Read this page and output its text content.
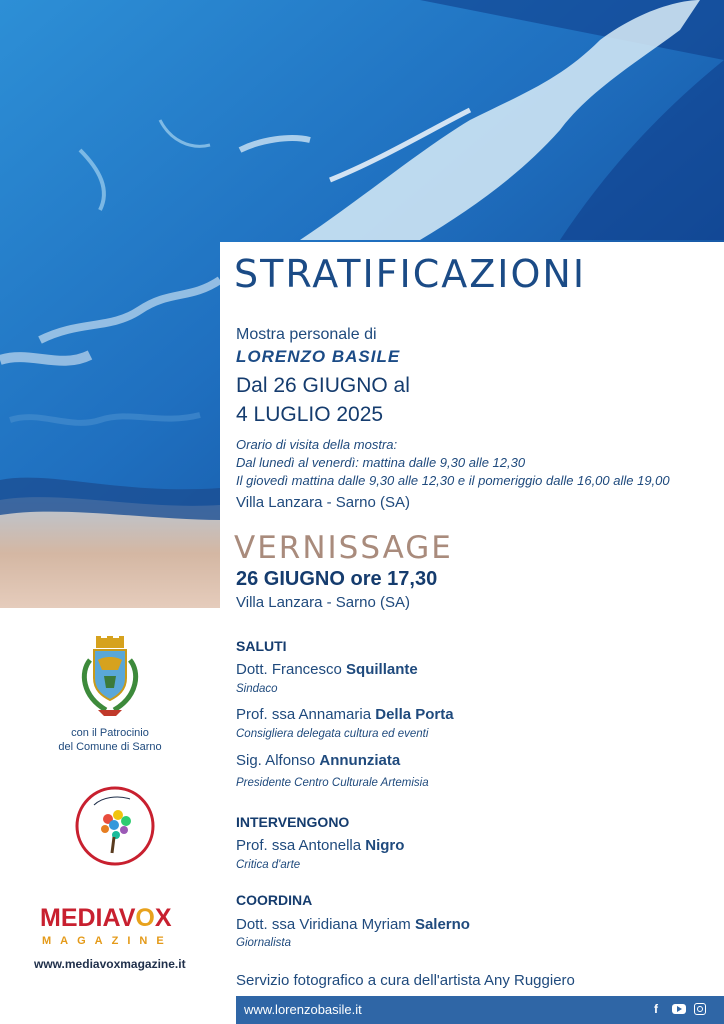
STRATIFICAZIONI
Mostra personale di
LORENZO BASILE
Dal 26 GIUGNO al
4 LUGLIO 2025
Orario di visita della mostra:
Dal lunedì al venerdì: mattina dalle 9,30 alle 12,30
Il giovedì mattina dalle 9,30 alle 12,30 e il pomeriggio dalle 16,00 alle 19,00
Villa Lanzara - Sarno (SA)
VERNISSAGE
26 GIUGNO ore 17,30
Villa Lanzara - Sarno (SA)
SALUTI
Dott. Francesco Squillante
Sindaco
Prof. ssa Annamaria Della Porta
Consigliera delegata cultura ed eventi
Sig. Alfonso Annunziata
Presidente Centro Culturale Artemisia
INTERVENGONO
Prof. ssa Antonella Nigro
Critica d'arte
COORDINA
Dott. ssa Viridiana Myriam Salerno
Giornalista
Servizio fotografico a cura dell'artista Any Ruggiero
www.lorenzobasile.it	f
con il Patrocinio
del Comune di Sarno
MEDIAVOX
MAGAZINE
www.mediavoxmagazine.it
